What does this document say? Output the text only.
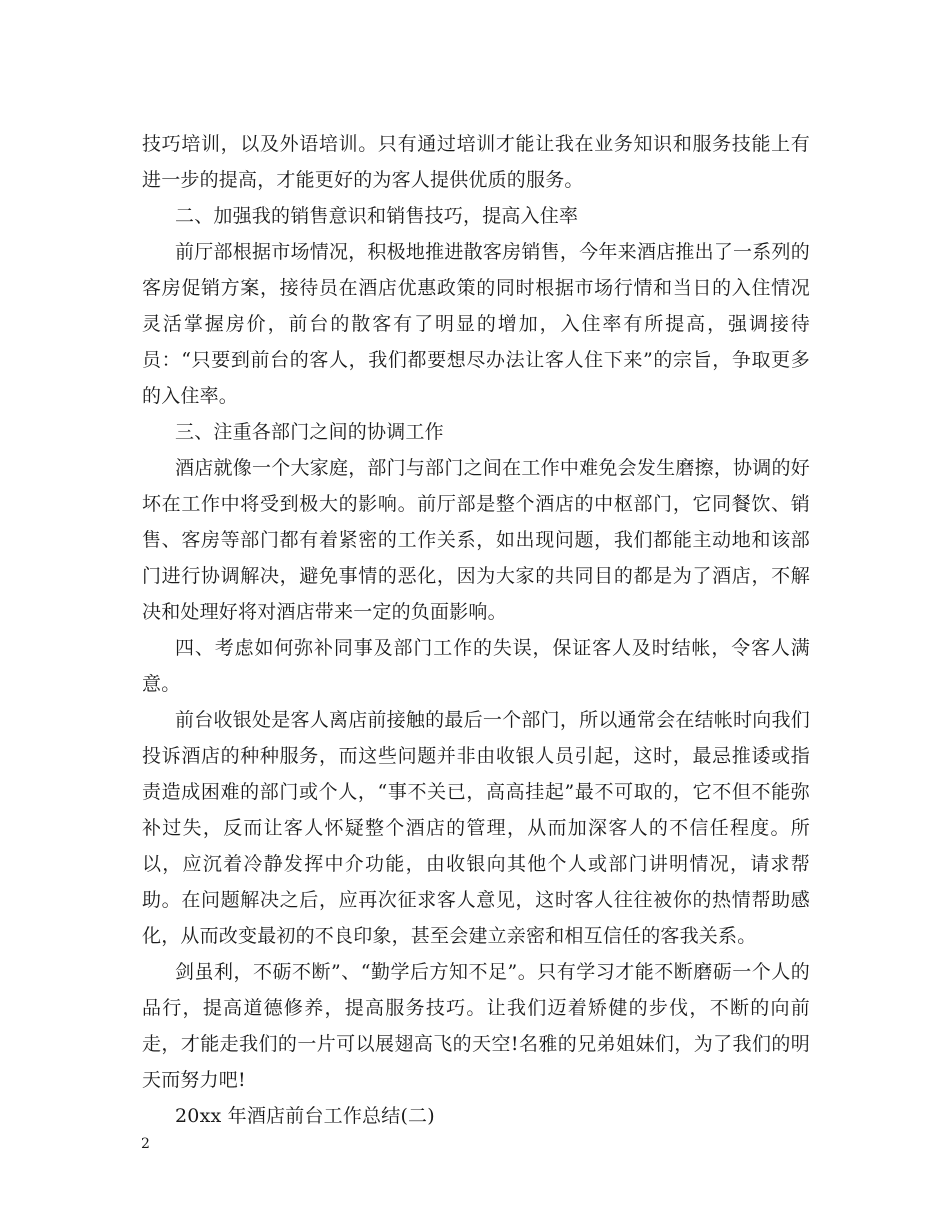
技巧培训，以及外语培训。只有通过培训才能让我在业务知识和服务技能上有进一步的提高，才能更好的为客人提供优质的服务。

二、加强我的销售意识和销售技巧，提高入住率

前厅部根据市场情况，积极地推进散客房销售，今年来酒店推出了一系列的客房促销方案，接待员在酒店优惠政策的同时根据市场行情和当日的入住情况灵活掌握房价，前台的散客有了明显的增加，入住率有所提高，强调接待员：“只要到前台的客人，我们都要想尽办法让客人住下来”的宗旨，争取更多的入住率。

三、注重各部门之间的协调工作

酒店就像一个大家庭，部门与部门之间在工作中难免会发生磨擦，协调的好坏在工作中将受到极大的影响。前厅部是整个酒店的中枢部门，它同餐饮、销售、客房等部门都有着紧密的工作关系，如出现问题，我们都能主动地和该部门进行协调解决，避免事情的恶化，因为大家的共同目的都是为了酒店，不解决和处理好将对酒店带来一定的负面影响。

四、考虑如何弥补同事及部门工作的失误，保证客人及时结帐，令客人满意。

前台收银处是客人离店前接触的最后一个部门，所以通常会在结帐时向我们投诉酒店的种种服务，而这些问题并非由收银人员引起，这时，最忌推诿或指责造成困难的部门或个人，“事不关已，高高挂起”最不可取的，它不但不能弥补过失，反而让客人怀疑整个酒店的管理，从而加深客人的不信任程度。所以，应沉着冷静发挥中介功能，由收银向其他个人或部门讲明情况，请求帮助。在问题解决之后，应再次征求客人意见，这时客人往往被你的热情帮助感化，从而改变最初的不良印象，甚至会建立亲密和相互信任的客我关系。

剑虽利，不砺不断”、“勤学后方知不足”。只有学习才能不断磨砺一个人的品行，提高道德修养，提高服务技巧。让我们迈着矫健的步伐，不断的向前走，才能走我们的一片可以展翅高飞的天空!名雅的兄弟姐妹们，为了我们的明天而努力吧!

20xx 年酒店前台工作总结(二)

2
